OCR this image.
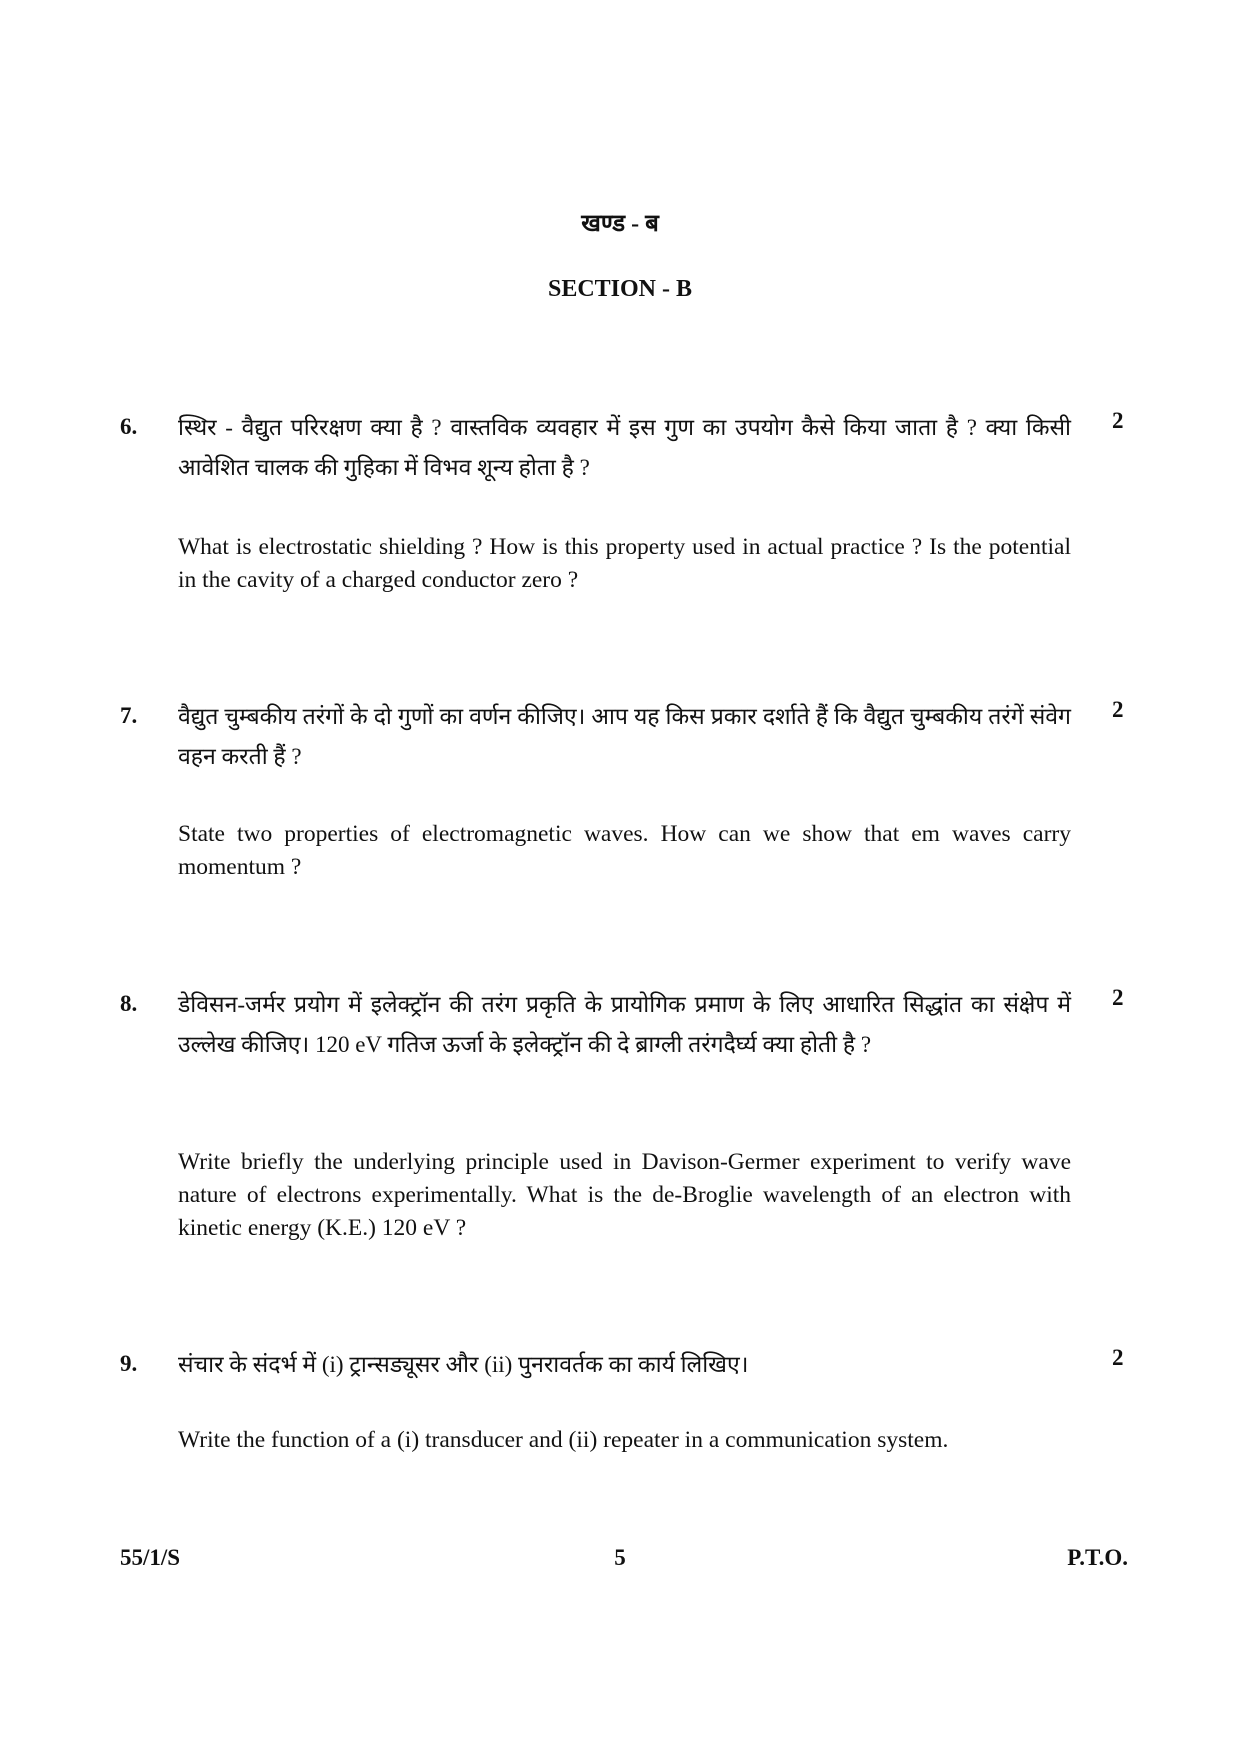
खण्ड - ब
SECTION - B
6.	2
स्थिर - वैद्युत परिरक्षण क्या है ? वास्तविक व्यवहार में इस गुण का उपयोग कैसे किया जाता है ? क्या किसी आवेशित चालक की गुहिका में विभव शून्य होता है ?
What is electrostatic shielding ? How is this property used in actual practice ? Is the potential in the cavity of a charged conductor zero ?
7.	2
वैद्युत चुम्बकीय तरंगों के दो गुणों का वर्णन कीजिए। आप यह किस प्रकार दर्शाते हैं कि वैद्युत चुम्बकीय तरंगें संवेग वहन करती हैं ?
State two properties of electromagnetic waves. How can we show that em waves carry momentum ?
8.	2
डेविसन-जर्मर प्रयोग में इलेक्ट्रॉन की तरंग प्रकृति के प्रायोगिक प्रमाण के लिए आधारित सिद्धांत का संक्षेप में उल्लेख कीजिए। 120 eV गतिज ऊर्जा के इलेक्ट्रॉन की दे ब्राग्ली तरंगदैर्घ्य क्या होती है ?
Write briefly the underlying principle used in Davison-Germer experiment to verify wave nature of electrons experimentally. What is the de-Broglie wavelength of an electron with kinetic energy (K.E.) 120 eV ?
9.	2
संचार के संदर्भ में (i) ट्रान्सड्यूसर और (ii) पुनरावर्तक का कार्य लिखिए।
Write the function of a (i) transducer and (ii) repeater in a communication system.
55/1/S	5	P.T.O.
